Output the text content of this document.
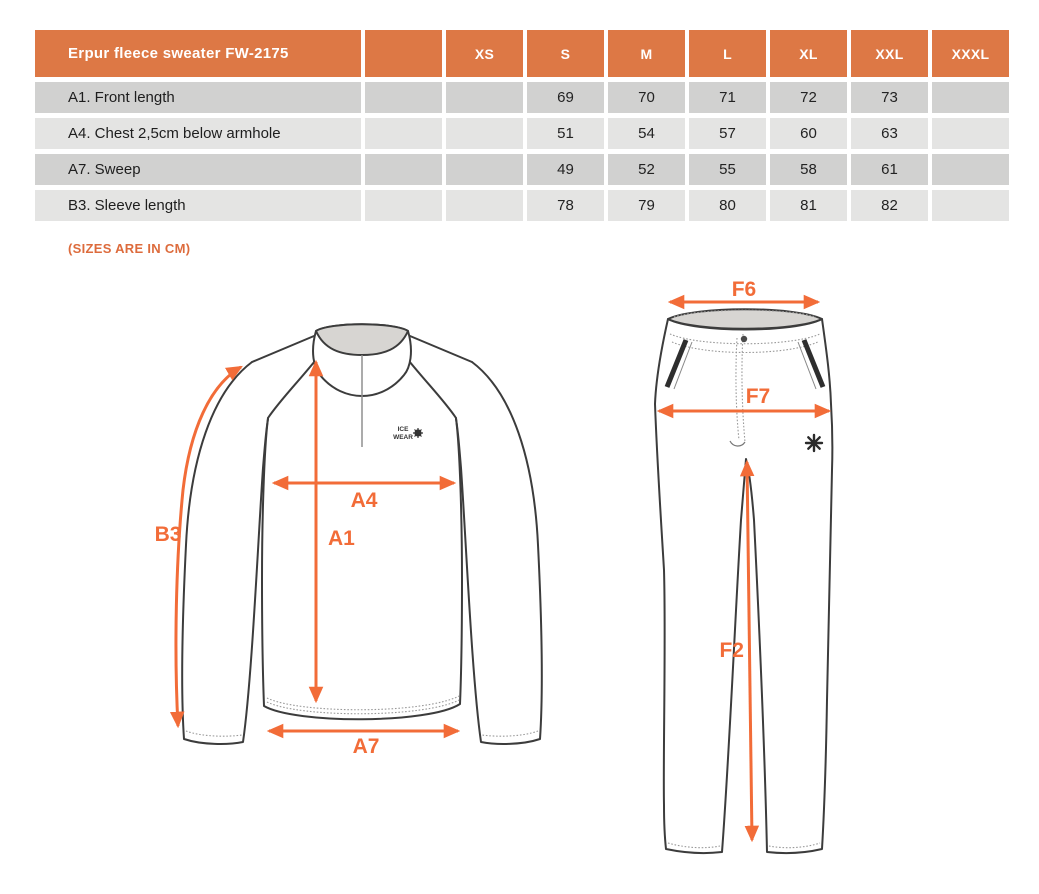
Erpur fleece sweater FW-2175		XS	S	M	L	XL	XXL	XXXL
A1. Front length			69	70	71	72	73	
A4. Chest 2,5cm below armhole			51	54	57	60	63	
A7. Sweep			49	52	55	58	61	
B3. Sleeve length			78	79	80	81	82	
(SIZES ARE IN CM)
ICE
WEAR
B3
A4
A1
A7
F6
F7
F2
